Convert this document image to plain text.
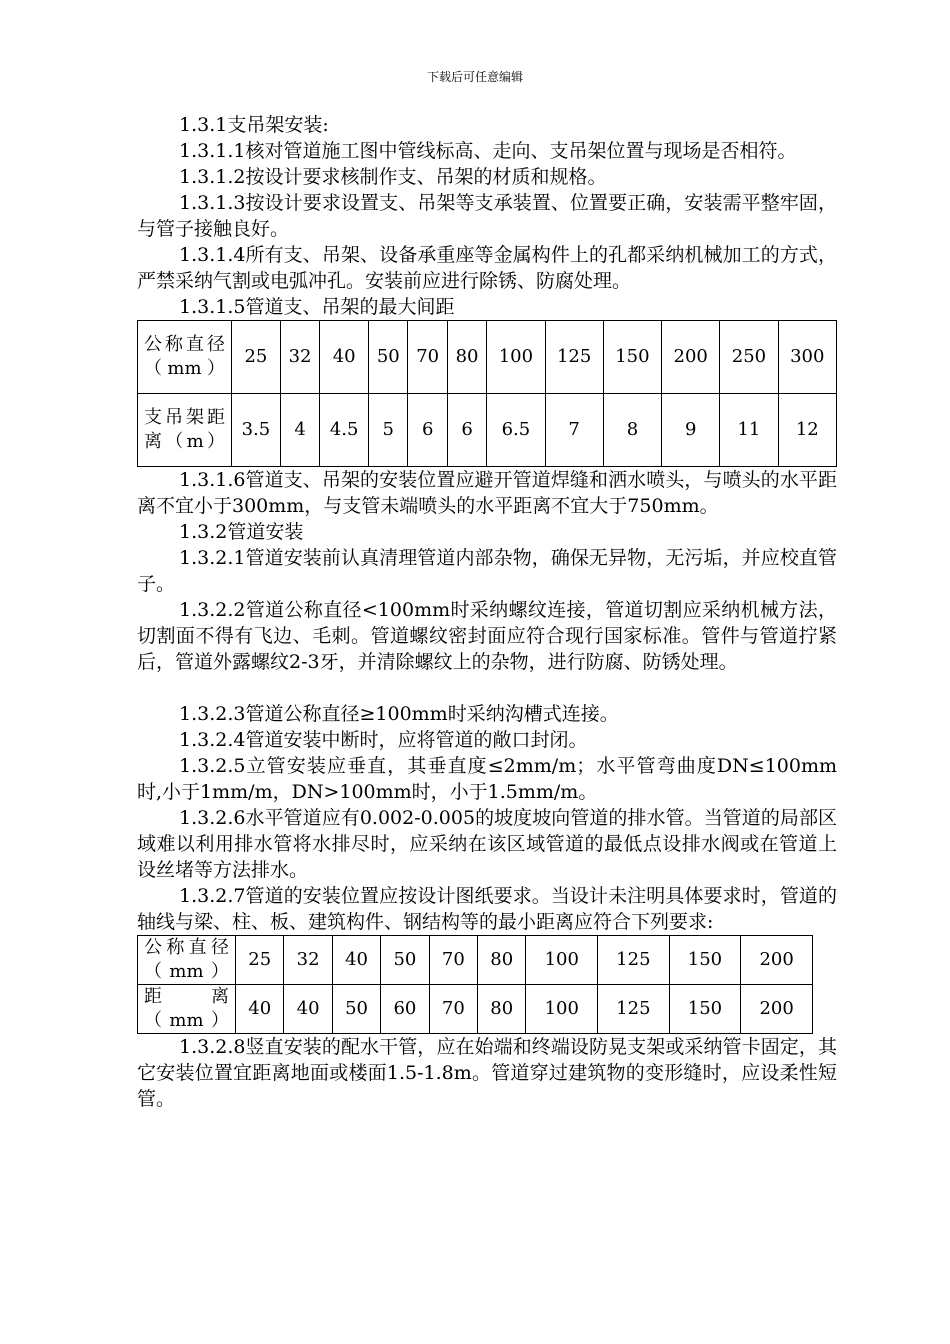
下载后可任意编辑

1.3.1支吊架安装:

1.3.1.1核对管道施工图中管线标高、走向、支吊架位置与现场是否相符。

1.3.1.2按设计要求核制作支、吊架的材质和规格。

1.3.1.3按设计要求设置支、吊架等支承装置、位置要正确，安装需平整牢固，与管子接触良好。

1.3.1.4所有支、吊架、设备承重座等金属构件上的孔都采纳机械加工的方式，严禁采纳气割或电弧冲孔。安装前应进行除锈、防腐处理。

1.3.1.5管道支、吊架的最大间距

公称直径（mm）	25	32	40	50	70	80	100	125	150	200	250	300
支吊架距离（m）	3.5	4	4.5	5	6	6	6.5	7	8	9	11	12

1.3.1.6管道支、吊架的安装位置应避开管道焊缝和洒水喷头，与喷头的水平距离不宜小于300mm，与支管未端喷头的水平距离不宜大于750mm。

1.3.2管道安装

1.3.2.1管道安装前认真清理管道内部杂物，确保无异物，无污垢，并应校直管子。

1.3.2.2管道公称直径<100mm时采纳螺纹连接，管道切割应采纳机械方法，切割面不得有飞边、毛刺。管道螺纹密封面应符合现行国家标准。管件与管道拧紧后，管道外露螺纹2-3牙，并清除螺纹上的杂物，进行防腐、防锈处理。

1.3.2.3管道公称直径≥100mm时采纳沟槽式连接。

1.3.2.4管道安装中断时，应将管道的敞口封闭。

1.3.2.5立管安装应垂直，其垂直度≤2mm/m；水平管弯曲度DN≤100mm时,小于1mm/m，DN>100mm时，小于1.5mm/m。

1.3.2.6水平管道应有0.002-0.005的坡度坡向管道的排水管。当管道的局部区域难以利用排水管将水排尽时，应采纳在该区域管道的最低点设排水阀或在管道上设丝堵等方法排水。

1.3.2.7管道的安装位置应按设计图纸要求。当设计未注明具体要求时，管道的轴线与梁、柱、板、建筑构件、钢结构等的最小距离应符合下列要求:

公称直径（mm）	25	32	40	50	70	80	100	125	150	200
距离（mm）	40	40	50	60	70	80	100	125	150	200

1.3.2.8竖直安装的配水干管，应在始端和终端设防晃支架或采纳管卡固定，其它安装位置宜距离地面或楼面1.5-1.8m。管道穿过建筑物的变形缝时，应设柔性短管。
